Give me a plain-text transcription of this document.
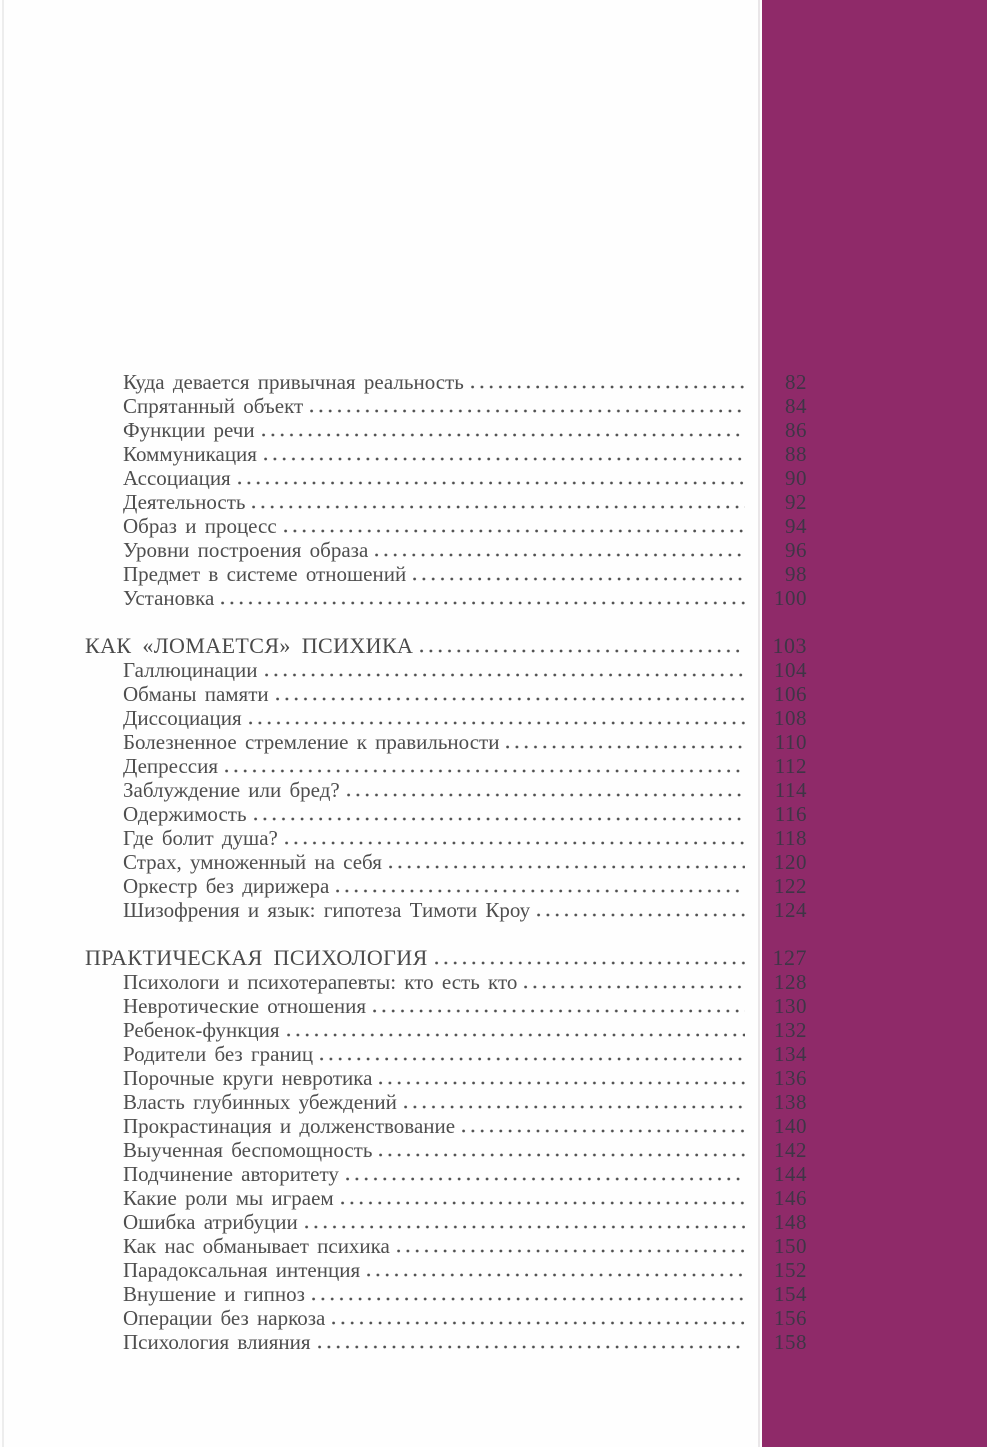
Куда девается привычная реальность	82
Спрятанный объект	84
Функции речи	86
Коммуникация	88
Ассоциация	90
Деятельность	92
Образ и процесс	94
Уровни построения образа	96
Предмет в системе отношений	98
Установка	100
КАК «ЛОМАЕТСЯ» ПСИХИКА	103
Галлюцинации	104
Обманы памяти	106
Диссоциация	108
Болезненное стремление к правильности	110
Депрессия	112
Заблуждение или бред?	114
Одержимость	116
Где болит душа?	118
Страх, умноженный на себя	120
Оркестр без дирижера	122
Шизофрения и язык: гипотеза Тимоти Кроу	124
ПРАКТИЧЕСКАЯ ПСИХОЛОГИЯ	127
Психологи и психотерапевты: кто есть кто	128
Невротические отношения	130
Ребенок-функция	132
Родители без границ	134
Порочные круги невротика	136
Власть глубинных убеждений	138
Прокрастинация и долженствование	140
Выученная беспомощность	142
Подчинение авторитету	144
Какие роли мы играем	146
Ошибка атрибуции	148
Как нас обманывает психика	150
Парадоксальная интенция	152
Внушение и гипноз	154
Операции без наркоза	156
Психология влияния	158
